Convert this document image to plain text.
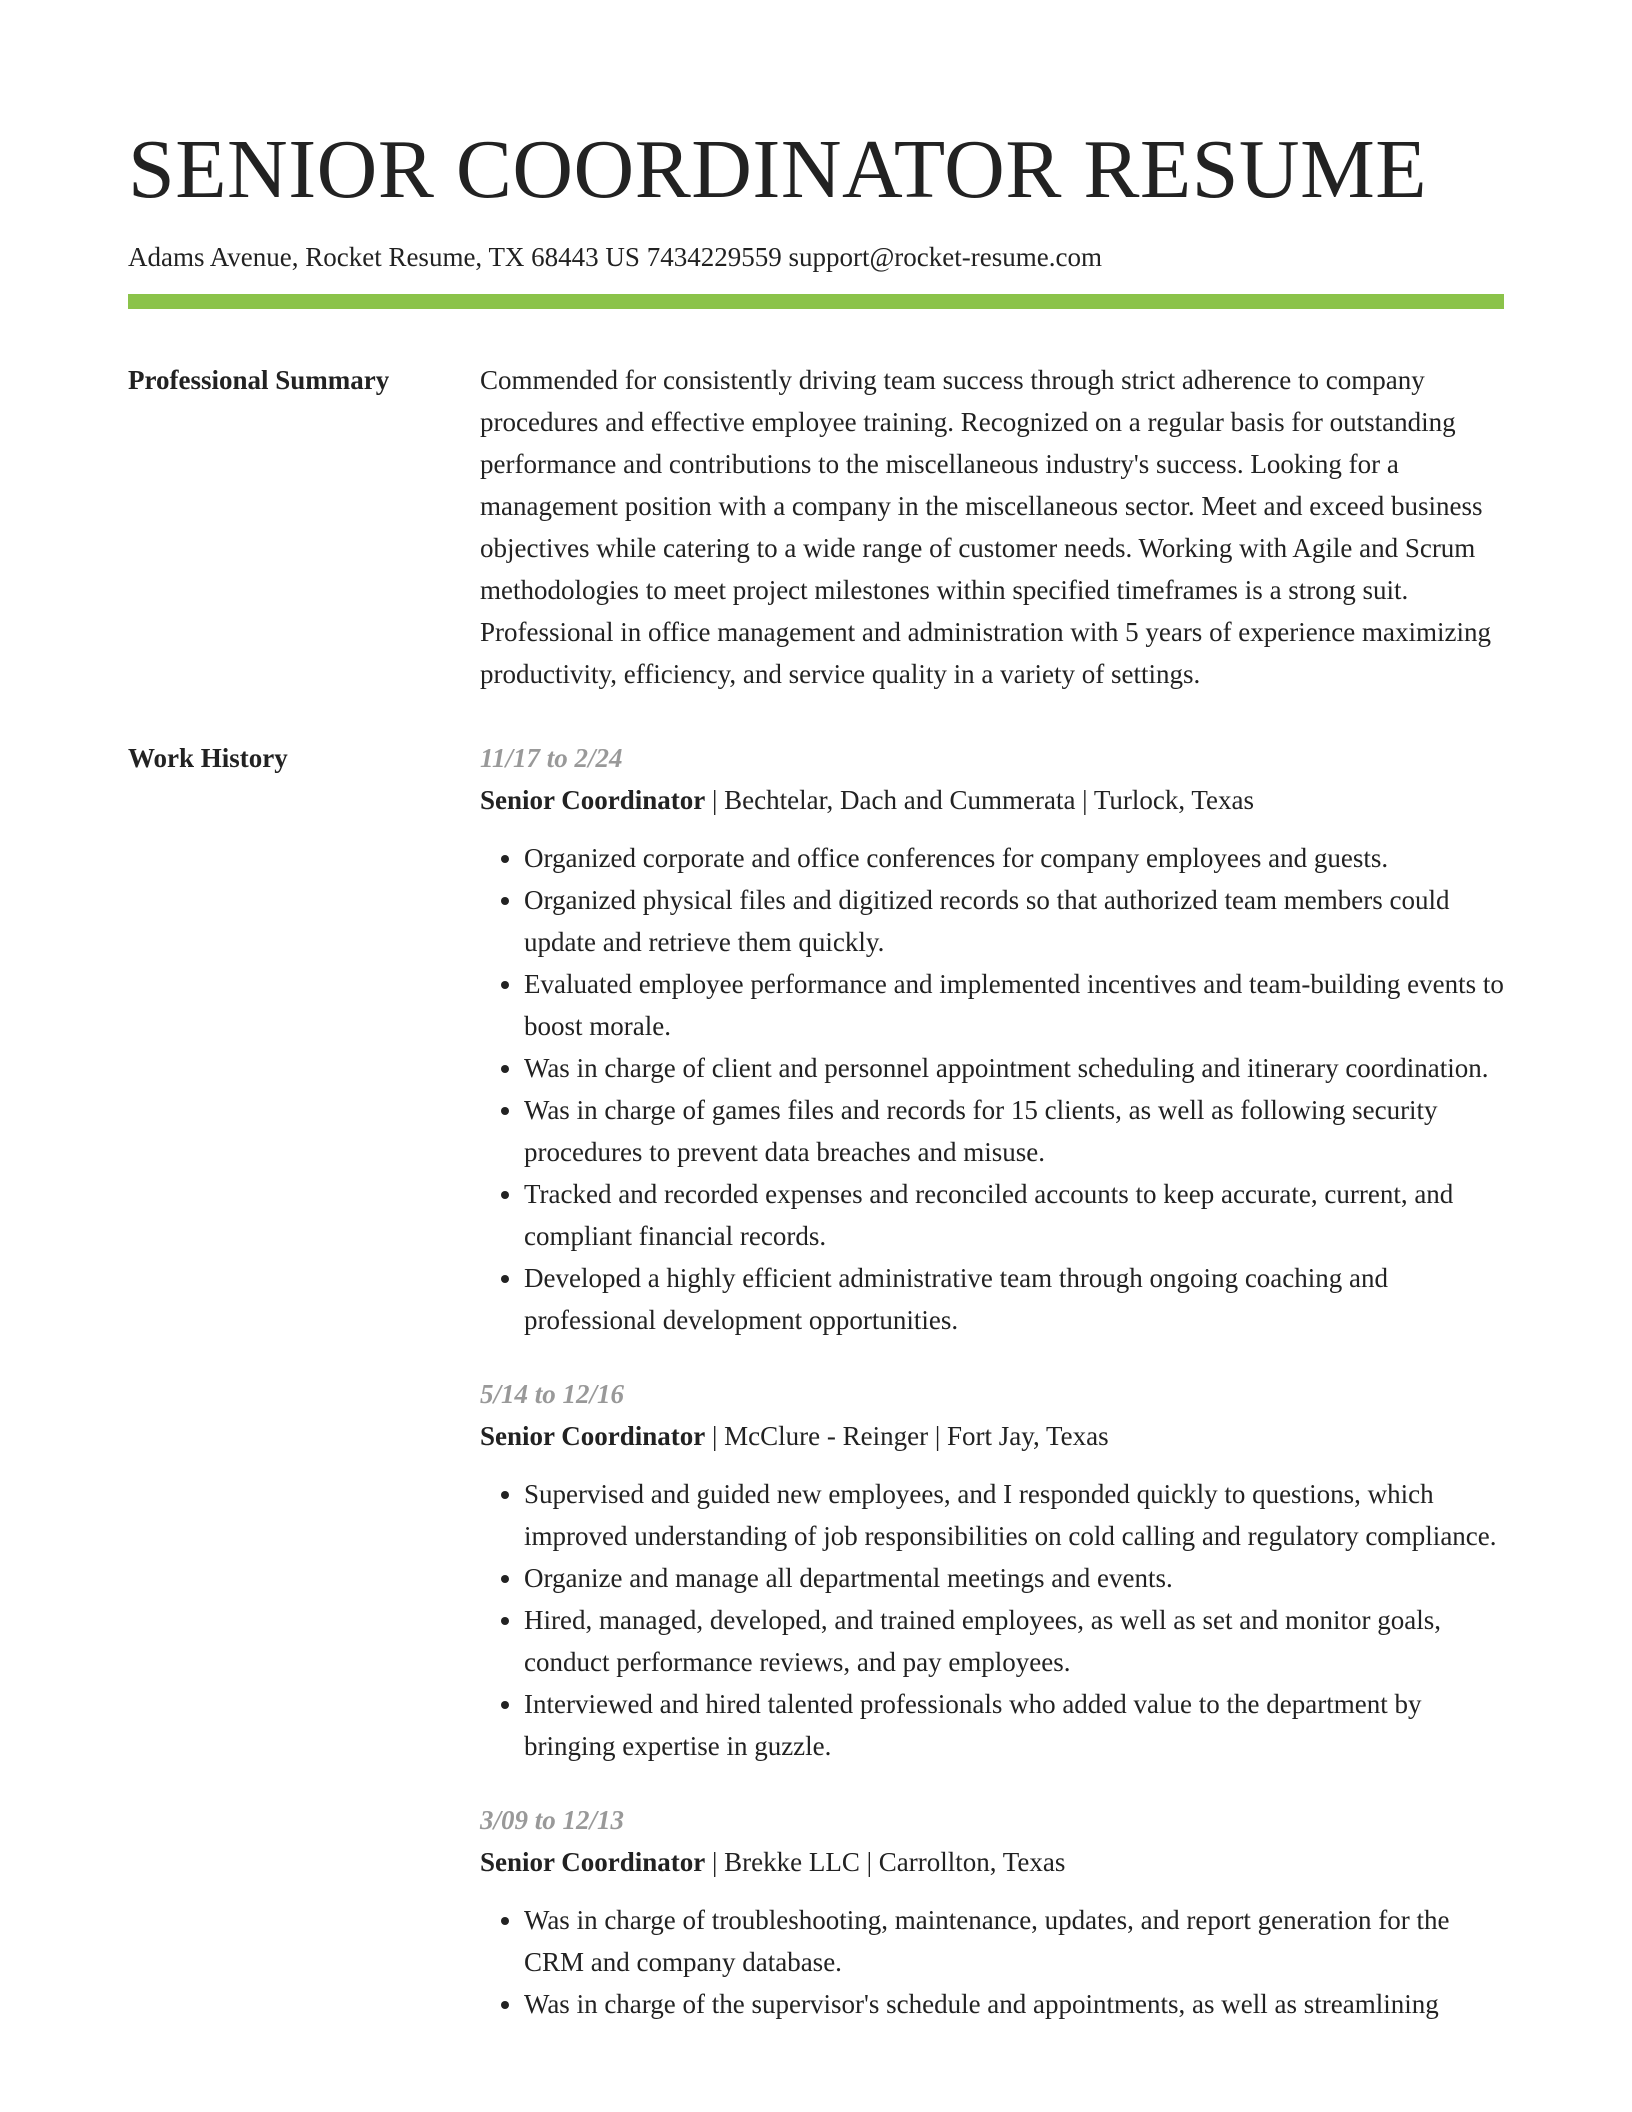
SENIOR COORDINATOR RESUME
Adams Avenue, Rocket Resume, TX 68443 US 7434229559 support@rocket-resume.com
Professional Summary	Commended for consistently driving team success through strict adherence to company procedures and effective employee training. Recognized on a regular basis for outstanding performance and contributions to the miscellaneous industry's success. Looking for a management position with a company in the miscellaneous sector. Meet and exceed business objectives while catering to a wide range of customer needs. Working with Agile and Scrum methodologies to meet project milestones within specified timeframes is a strong suit. Professional in office management and administration with 5 years of experience maximizing productivity, efficiency, and service quality in a variety of settings.

Work History	11/17 to 2/24
Senior Coordinator | Bechtelar, Dach and Cummerata | Turlock, Texas
• Organized corporate and office conferences for company employees and guests.
• Organized physical files and digitized records so that authorized team members could update and retrieve them quickly.
• Evaluated employee performance and implemented incentives and team-building events to boost morale.
• Was in charge of client and personnel appointment scheduling and itinerary coordination.
• Was in charge of games files and records for 15 clients, as well as following security procedures to prevent data breaches and misuse.
• Tracked and recorded expenses and reconciled accounts to keep accurate, current, and compliant financial records.
• Developed a highly efficient administrative team through ongoing coaching and professional development opportunities.
5/14 to 12/16
Senior Coordinator | McClure - Reinger | Fort Jay, Texas
• Supervised and guided new employees, and I responded quickly to questions, which improved understanding of job responsibilities on cold calling and regulatory compliance.
• Organize and manage all departmental meetings and events.
• Hired, managed, developed, and trained employees, as well as set and monitor goals, conduct performance reviews, and pay employees.
• Interviewed and hired talented professionals who added value to the department by bringing expertise in guzzle.
3/09 to 12/13
Senior Coordinator | Brekke LLC | Carrollton, Texas
• Was in charge of troubleshooting, maintenance, updates, and report generation for the CRM and company database.
• Was in charge of the supervisor's schedule and appointments, as well as streamlining
